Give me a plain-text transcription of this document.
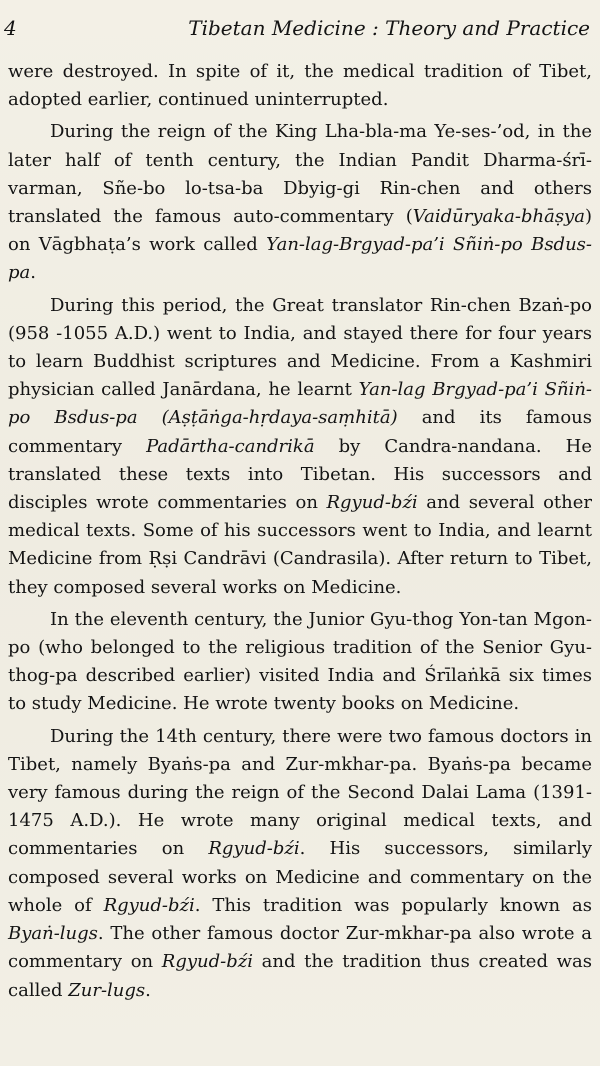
4	Tibetan Medicine : Theory and Practice

were destroyed. In spite of it, the medical tradition of Tibet, adopted earlier, continued uninterrupted.

During the reign of the King Lha-bla-ma Ye-ses-’od, in the later half of tenth century, the Indian Pandit Dharma-śrī-varman, Sñe-bo lo-tsa-ba Dbyig-gi Rin-chen and others translated the famous auto-commentary (Vaidūryaka-bhāṣya) on Vāgbhaṭa’s work called Yan-lag-Brgyad-pa’i Sñiṅ-po Bsdus-pa.

During this period, the Great translator Rin-chen Bzaṅ-po (958 -1055 A.D.) went to India, and stayed there for four years to learn Buddhist scriptures and Medicine. From a Kashmiri physician called Janārdana, he learnt Yan-lag Brgyad-pa’i Sñiṅ-po Bsdus-pa (Aṣṭāṅga-hṛdaya-saṃhitā) and its famous commentary Padārtha-candrikā by Candra-nandana. He translated these texts into Tibetan. His successors and disciples wrote commentaries on Rgyud-bźi and several other medical texts. Some of his successors went to India, and learnt Medicine from Ṛṣi Candrāvi (Candrasila). After return to Tibet, they composed several works on Medicine.

In the eleventh century, the Junior Gyu-thog Yon-tan Mgon-po (who belonged to the religious tradition of the Senior Gyu-thog-pa described earlier) visited India and Śrīlaṅkā six times to study Medicine. He wrote twenty books on Medicine.

During the 14th century, there were two famous doctors in Tibet, namely Byaṅs-pa and Zur-mkhar-pa. Byaṅs-pa became very famous during the reign of the Second Dalai Lama (1391-1475 A.D.). He wrote many original medical texts, and commentaries on Rgyud-bźi. His successors, similarly composed several works on Medicine and commentary on the whole of Rgyud-bźi. This tradition was popularly known as Byaṅ-lugs. The other famous doctor Zur-mkhar-pa also wrote a commentary on Rgyud-bźi and the tradition thus created was called Zur-lugs.
